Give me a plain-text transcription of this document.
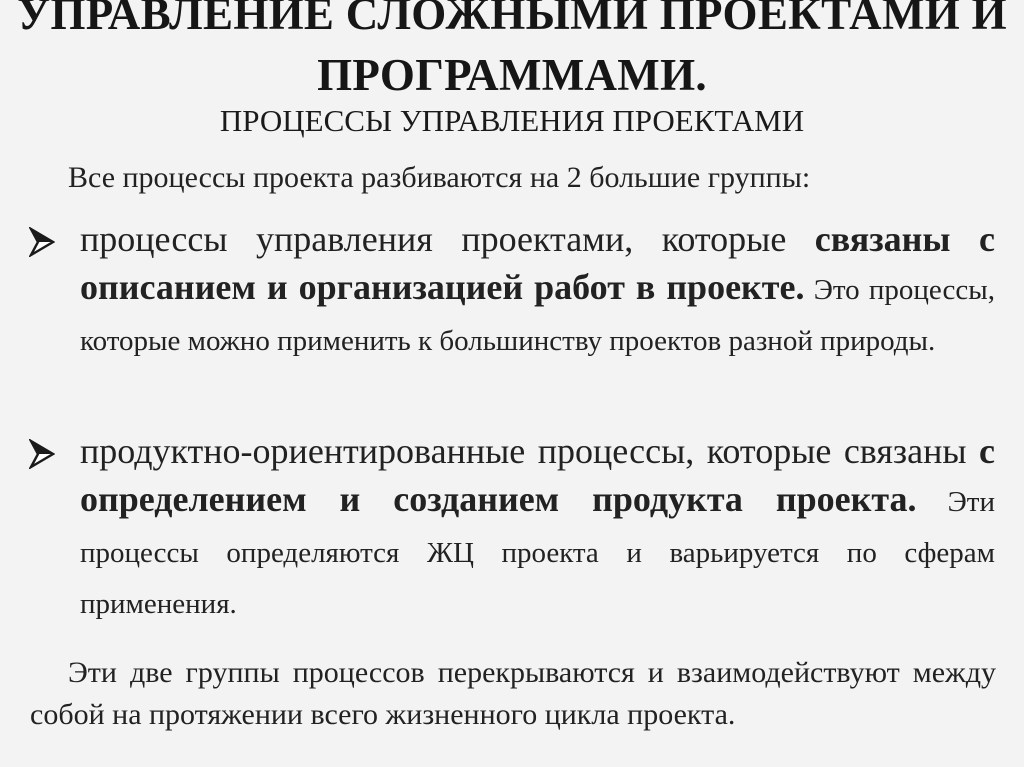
УПРАВЛЕНИЕ СЛОЖНЫМИ ПРОЕКТАМИ И

ПРОГРАММАМИ.

ПРОЦЕССЫ УПРАВЛЕНИЯ ПРОЕКТАМИ

Все процессы проекта разбиваются на 2 большие группы:

процессы управления проектами, которые связаны с описанием и организацией работ в проекте. Это процессы, которые можно применить к большинству проектов разной природы.

продуктно-ориентированные процессы, которые связаны с определением и созданием продукта проекта. Эти процессы определяются ЖЦ проекта и варьируется по сферам применения.

Эти две группы процессов перекрываются и взаимодействуют между собой на протяжении всего жизненного цикла проекта.
